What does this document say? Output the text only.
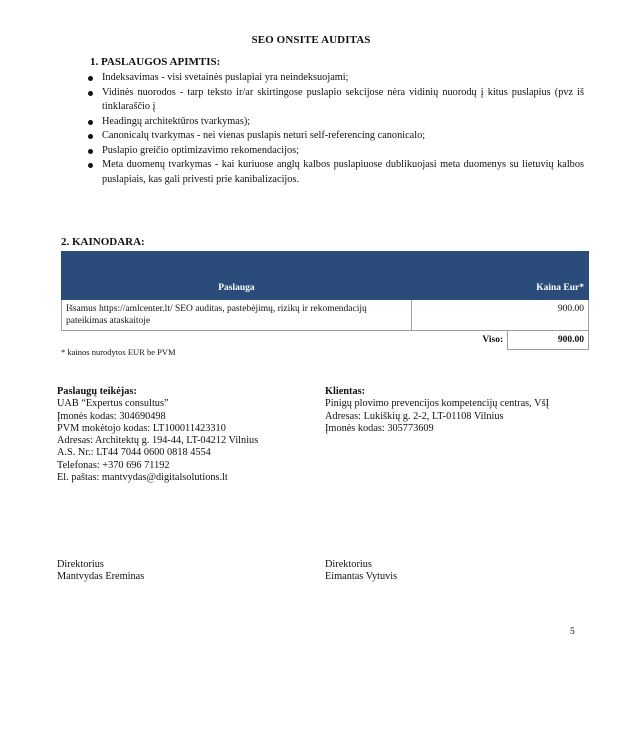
SEO ONSITE AUDITAS
1. PASLAUGOS APIMTIS:
Indeksavimas - visi svetainės puslapiai yra neindeksuojami;
Vidinės nuorodos - tarp teksto ir/ar skirtingose puslapio sekcijose nėra vidinių nuorodų į kitus puslapius (pvz iš tinklaraščio į
Headingų architektūros tvarkymas);
Canonicalų tvarkymas - nei vienas puslapis neturi self-referencing canonicalo;
Puslapio greičio optimizavimo rekomendacijos;
Meta duomenų tvarkymas - kai kuriuose anglų kalbos puslapiuose dublikuojasi meta duomenys su lietuvių kalbos puslapiais, kas gali privesti prie kanibalizacijos.
2. KAINODARA:
Paslauga	Kaina Eur*	
Išsamus https://amlcenter.lt/ SEO auditas, pastebėjimų, rizikų ir rekomendacijų pateikimas ataskaitoje	900.00	
	Viso:	900.00
* kainos nurodytos EUR be PVM
Paslaugų teikėjas:
UAB “Expertus consultus”
Įmonės kodas: 304690498
PVM mokėtojo kodas: LT100011423310
Adresas: Architektų g. 194-44, LT-04212 Vilnius
A.S. Nr.: LT44 7044 0600 0818 4554
Telefonas: +370 696 71192
El. paštas: mantvydas@digitalsolutions.lt
Klientas:
Pinigų plovimo prevencijos kompetencijų centras, VšĮ
Adresas: Lukiškių g. 2-2, LT-01108 Vilnius
Įmonės kodas: 305773609
Direktorius
Mantvydas Ereminas
Direktorius
Eimantas Vytuvis
5
